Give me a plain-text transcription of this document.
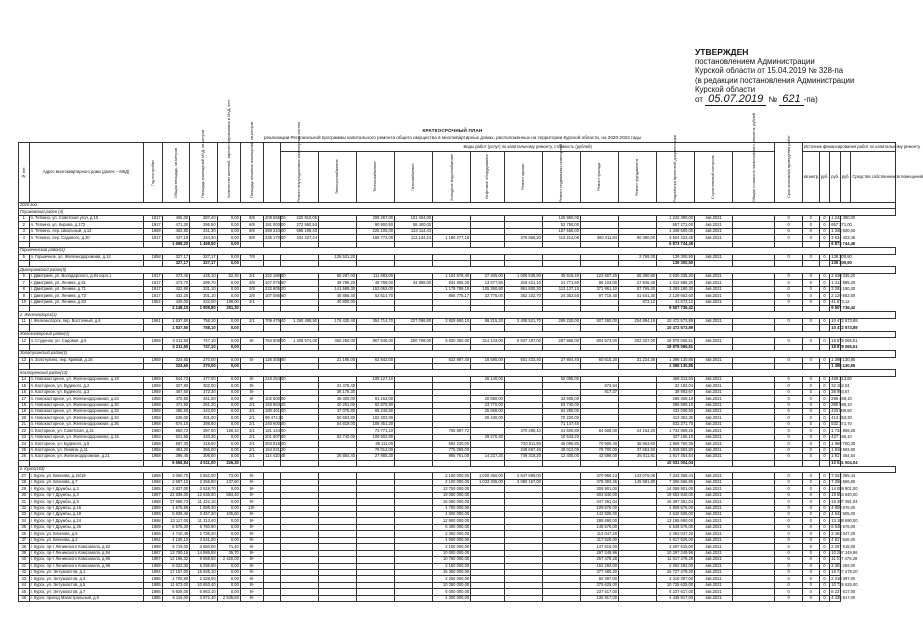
УТВЕРЖДЕН
постановлением Администрации
Курской области от 15.04.2019 № 328-па
(в редакции постановления Администрации
Курской области
от 05.07.2019 № 621 -па)
КРАТКОСРОЧНЫЙ ПЛАН
реализации Региональной программы капитального ремонта общего имущества в многоквартирных домах, расположенных на территории Курской области, на 2020-2022 годы
№ п/п	Адрес многоквартирного дома (далее – МКД)	Год постройки	Общая площадь, кв.метров	Площадь помещений МКД, кв.метров	Количество жителей, зарегистрированных в МКД, чел.	Площадь нежилых помещений, кв.метров		Виды работ (услуг) по капитальному ремонту, стоимость (рублей)													Срок окончания проведения работ	Источник финансирования работ по капитальному ремонту				

								Ремонт внутридомовых инженерных систем	Электроснабжение	Теплоснабжение	Газоснабжение	Холодное водоснабжение	Лифтовое оборудование	Ремонт крыши	Ремонт подвальных помещений	Ремонт фасада	Ремонт фундамента	Разработка проектной документации	Строительный контроль	Общая стоимость капитального ремонта, рублей		кв.метр.	руб.	руб.	руб.	Средства собственников помещений
2020 год																										
Глушковский район (4)																										
1	п. Теткино, ул. Советская угол, д.10	1917	465,00	387,40	0,00	8/8	209 565,00	220 910,05		208 267,00	151 404,00				126 950,00			1 242 380,00	4кв.2021		0	0	0	1 242 380,00		
2	п. Теткино, ул. Кирова, д.172	1917	471,30	395,50	0,00	8/8	181 000,00	272 560,50		90 900,50	58 400,00				52 750,00			657 271,00	4кв.2021		0	0	0	657 271,00		
3	п. Теткино, пер. Школьный, д.12	1959	402,80	341,30	0,00	8/8	288 210,00	695 199,40		226 105,00	134 114,43				157 556,00			1 348 600,00	4кв.2021		0	0	0	1 348 600,00		
4	п. Теткино, пер. Садового, д.30	1917	437,10	344,30	0,00	8/8	235 170,00	434 327,44		186 772,00	113 134,24	1 190 277,18		375 866,20	113 214,08	360 411,84	80 390,00	3 624 423,45	4кв.2021		0	0	0	3 624 423,45		
			1 698,20	1 468,50	0,00													6 873 744,45						6 873 744,45		
Горшеченский район(1)																										
5	п. Горшечное, ул. Железнодорожная, д.14	1958	327,17	327,17	0,00	7/8			136 531,20								2 769,30	139 300,50	4кв.2021		0	0	0	139 300,50		
			327,17	327,17	0,00													139 300,50						139 300,50		
Дмитриевский район(5)																										
6	г. Дмитриев, ул. Володарского, д.84 корп.1	1917	373,40	445,10	52,30	2/1	222 180,00		55 287,00	111 692,00		1 104 578,40	27 405,00	1 009 538,80	45 619,40	122 607,20	55 380,80	2 630 335,20	4кв.2021		0	0	0	2 630 335,20		
7	г. Дмитриев, ул. Ленина, д.51	1917	473,70	399,70	0,00	2/8	107 075,50		39 796,20	48 798,00	34 858,00	834 855,30	13 377,50	318 421,10	21 771,60	86 103,00	27 846,40	1 412 885,20	4кв.2021		0	0	0	1 412 885,20		
8	г. Дмитриев, ул. Ленина, д.71	1917	422,90	331,10	0,00	2/8	232 905,20		141 589,30	153 062,00		1 179 789,10	105 360,80	861 800,20	113 127,10	371 961,10	57 765,20	3 293 180,30	4кв.2021		0	0	0	3 293 180,30		
9	г. Дмитриев, ул. Ленина, д.73	1917	432,20	301,10	0,00	2/8	107 085,60		45 856,40	62 514,70		856 775,17	22 775,00	362 102,70	24 352,50	97 715,40	41 641,30	2 129 662,60	4кв.2021		0	0	0	2 129 662,60		
10	г. Дмитриев, ул. Ленина, д.83	1954	426,00	222,00	198,00	2/1			40 800,00								873,12	41 673,12	4кв.2021		0	0	0	41 673,12		
			2 148,10	1 905,80	251,30													9 507 736,42						9 507 736,42		
г. Железногорск(1)																										
11	г. Железногорск, пер. Восточный, д.6	1961	1 537,50	758,10	0,00	2/1	709 479,40	1 260 488,50	176 430,40	354 714,70	227 096,80	3 929 650,10	88 215,20	2 408 521,70	289 220,00	507 260,00	204 894,19	10 472 573,89	4кв.2021		0	0	0	10 472 573,89		
			1 537,50	758,10	0,00													10 472 573,89						10 472 573,89		
Железногорский район(1)																										
12	п. Студенок, ул. Садовая, д.6	1959	3 211,50	747,10	0,00	8/-	754 908,00	1 408 574,00	466 250,00	867 548,00	250 768,00	5 820 360,00	314 143,00	6 547 197,00	287 866,00	804 573,00	302 337,00	18 878 065,51	4кв.2021		0	0	0	18 878 065,51		
			3 211,50	747,10	0,00													18 878 065,51						18 878 065,51		
Золотухинский район(1)																										
13	п. Золотухино, пер. Кривой, д.16	1959	324,60	270,00	0,00	5/-	126 305,00		21 195,00	62 842,00		622 997,40	18 580,00	601 433,40	27 804,40	60 515,20	31 224,35	1 398 130,85	4кв.2021		0	0	0	1 398 130,85		
			324,60	270,00	0,00													1 398 130,85						1 398 130,85		
Касторенский район(13)																										
14	п. Новокасторное, ул. Железнодорожная, д.18	1959	544,72	477,00	0,00	8/-	218 254,00			108 127,10			26 140,00		62 095,00			469 313,60	4кв.2021		0	0	0	469 313,60		
15	п. Касторное, ул. Буденого, д.2	1959	327,80	302,00	0,00	8/-			31 478,40							673,64		32 152,04	4кв.2021		0	0	0	32 152,04		
16	п. Касторное, ул. Буденого, д.3	1959	487,60	372,30	0,00	8/-			38 176,30							817,37		38 993,67	4кв.2021		0	0	0	38 993,67		
17	п. Новокасторное, ул. Железнодорожная, д.24	1958	470,50	341,00	0,00	8/-	102 500,00		48 300,00	91 162,00			20 880,00		33 605,00			296 469,10	4кв.2021		0	0	0	296 469,10		
18	п. Новокасторное, ул. Железнодорожная, д.30	1958	471,90	351,20	0,00	2/1	193 863,20		40 281,00	82 878,80			23 770,00		63 740,00			396 589,10	4кв.2021		0	0	0	396 589,10		
19	п. Новокасторное, ул. Железнодорожная, д.32	1958	485,50	343,00	0,00	2/1	180 401,00		47 076,80	65 245,50			25 658,00		94 280,00			433 009,50	4кв.2021		0	0	0	433 009,50		
20	п. Новокасторное, ул. Железнодорожная, д.34	1958	636,00	401,00	0,00	2/1	99 474,00		50 653,80	102 203,90			26 430,00		70 220,00			413 353,30	4кв.2021		0	0	0	413 353,30		
21	п. Новокасторное, ул. Железнодорожная, д.36	1958	674,10	398,60	0,00	2/1	240 600,00		54 819,00	108 451,30					71 147,40			532 371,70	4кв.2021		0	0	0	532 371,70		
22	п. Касторное, ул. Советская, д.21	1960	960,72	397,00	158,10	2/1	181 144,00			73 771,10		706 897,72		470 495,10	41 600,80	84 608,00	24 163,20	1 734 869,25	4кв.2021		0	0	0	1 734 869,25		
23	п. Новокасторное, ул. Железнодорожная, д.16	1963	621,55	420,30	0,00	2/1	201 607,60		52 740,00	109 503,90			28 270,40		10 543,20			427 165,10	4кв.2021		0	0	0	427 165,10		
24	п. Касторное, ул. Буденого, д.8	1958	597,30	318,60	0,00	2/1	303 815,00			85 111,00		592 230,00		720 511,80	45 095,80	70 506,40	36 963,60	1 969 760,35	4кв.2021		0	0	0	1 969 760,35		
25	п. Касторное, ул. Ленина, д.11	1958	454,20	356,00	0,00	2/1	154 021,20			78 012,00		775 059,00		249 667,40	48 012,00	78 700,00	37 653,60	1 819 593,80	4кв.2021		0	0	0	1 819 593,80		
26	п. Касторное, ул. Железнодорожная, д.21	1958	396,45	306,00	0,00	2/1	114 410,40		25 854,40	27 885,30		965 761,00	14 227,20	749 318,20	12 400,00	42 596,00	25 011,81	1 917 454,54	4кв.2021		0	0	0	1 917 454,54		
			6 658,84	4 511,00	226,30													10 031 004,04						10 031 004,04		
г. Курск(163)																										
27	г. Курск, ул. Блинова, д.15/19	1968	3 060,70	2 552,00	73,00	9/-						2 100 000,00	1 029 360,00	2 647 688,00		370 956,13	143 076,06	7 343 365,44	4кв.2021		0	0	0	7 343 365,44		
28	г. Курск, ул. Блинова, д.7	1968	2 687,10	2 356,80	137,60	9/-						2 100 000,00	1 033 336,00	3 050 167,00		378 393,36	145 691,80	7 306 566,86	4кв.2021		0	0	0	7 306 566,86		
29	г. Курск, пр-т Дружбы, д.2	1985	3 837,00	3 519,70	0,00	9/-						13 750 000,00				309 901,00		14 059 901,00	4кв.2021		0	0	0	14 059 901,00		
30	г. Курск, пр-т Дружбы, д.3	1987	22 836,00	12 636,00	584,40	9/-						19 050 000,00				603 840,00		19 653 840,00	4кв.2021		0	0	0	19 653 840,00		
31	г. Курск, пр-т Дружбы, д.5	1988	17 688,73	11 422,10	0,00	9/-						16 050 000,00				347 391,04		16 397 391,04	4кв.2021		0	0	0	16 397 391,04		
32	г. Курск, пр-т Дружбы, д.16	1989	4 575,58	1 698,30	0,00	10/-						4 700 000,00				109 576,00		4 809 576,00	4кв.2021		0	0	0	4 809 576,00		
33	г. Курск, пр-т Дружбы, д.18	1989	5 839,46	3 457,20	105,60	9/-						4 500 000,00				142 505,00		4 642 505,00	4кв.2021		0	0	0	4 642 505,00		
34	г. Курск, пр-т Дружбы, д.24	1988	13 117,00	11 213,40	0,00	9/-						12 900 000,00				288 690,00		13 188 690,00	4кв.2021		0	0	0	13 188 690,00		
35	г. Курск, пр-т Дружбы, д.26	1989	6 575,30	5 760,90	0,00	9/-						6 400 000,00				148 576,00		6 548 576,00	4кв.2021		0	0	0	6 548 576,00		
36	г. Курск, ул. Блинова, д.5	1966	4 710,40	2 736,20	0,00	9/-						2 350 000,00				113 047,20		2 463 047,20	4кв.2021		0	0	0	2 463 047,20		
37	г. Курск, ул. Блинова, д.2	1964	4 106,10	3 641,00	0,00	9/-						4 500 000,00				117 526,00		4 617 526,00	4кв.2021		0	0	0	4 617 526,00		
38	г. Курск, пр-т Ленинского Комсомола, д.92	1988	8 719,00	3 650,00	71,40	9/-						2 150 000,00				147 615,00		2 297 615,00	4кв.2021		0	0	0	2 297 615,00		
39	г. Курск, пр-т Ленинского Комсомола, д.94	1987	13 780,16	14 886,58	35,70	9/-						10 000 000,00				297 249,96		10 297 249,96	4кв.2021		0	0	0	10 297 249,96		
40	г. Курск, пр-т Ленинского Комсомола, д.96	1987	12 196,32	9 569,50	2 420,00	9/-						10 750 000,00				267 478,28		11 017 478,28	4кв.2021		0	0	0	11 017 478,28		
41	г. Курск, пр-т Ленинского Комсомола, д.98	1988	6 022,30	5 296,60	0,00	9/-						2 150 000,00				152 292,00		2 302 292,00	4кв.2021		0	0	0	2 302 292,00		
42	г. Курск, ул. Энтузиастов, д.1	1984	17 157,00	15 545,10	0,00	9/-						16 350 000,00				377 480,20		16 727 479,20	4кв.2021		0	0	0	16 727 479,20		
43	г. Курск, ул. Энтузиастов, д.3	1985	2 700,80	2 328,00	0,00	9/-						2 250 000,00				60 397,00		2 310 397,00	4кв.2021		0	0	0	2 310 397,00		
44	г. Курск, ул. Энтузиастов, д.5	1985	11 673,00	10 653,40	0,00	9/-						10 350 000,00				375 625,00		10 725 625,00	4кв.2021		0	0	0	10 725 625,00		
45	г. Курск, ул. Энтузиастов, д.7	1986	8 926,00	6 863,10	0,00	9/-						6 000 000,00				237 617,00		6 237 617,00	4кв.2021		0	0	0	6 237 617,00		
46	г. Курск, проезд Магистральный, д.5	1986	6 116,00	3 972,40	2 535,60	9/-						4 300 000,00				135 917,00		4 435 917,00	4кв.2021		0	0	0	4 435 917,00		
